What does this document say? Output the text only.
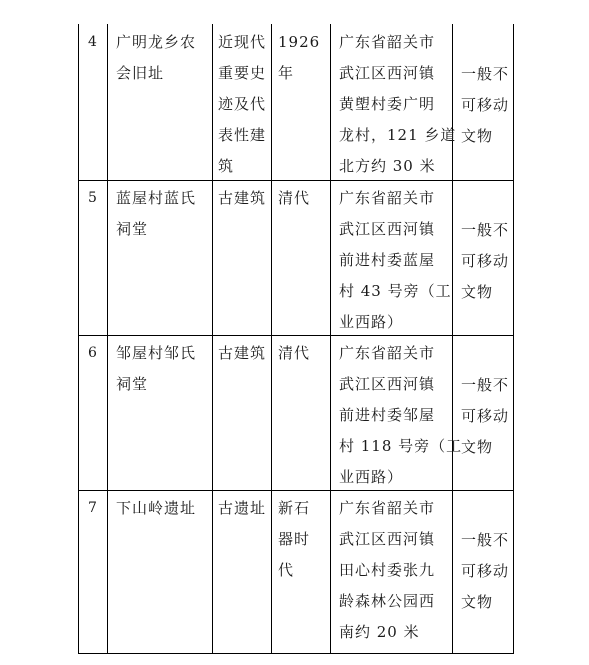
4 广明龙乡农
会旧址
近现代
重要史
迹及代
表性建
筑
1926
年
广东省韶关市
武江区西河镇
黄塱村委广明
龙村，121 乡道
北方约 30 米
一般不
可移动
文物
5 蓝屋村蓝氏
祠堂
古建筑 清代 广东省韶关市
武江区西河镇
前进村委蓝屋
村 43 号旁（工
业西路）
一般不
可移动
文物
6 邹屋村邹氏
祠堂
古建筑 清代 广东省韶关市
武江区西河镇
前进村委邹屋
村 118 号旁（工
业西路）
一般不
可移动
文物
7 下山岭遗址 古遗址 新石
器时
代
广东省韶关市
武江区西河镇
田心村委张九
龄森林公园西
南约 20 米
一般不
可移动
文物
